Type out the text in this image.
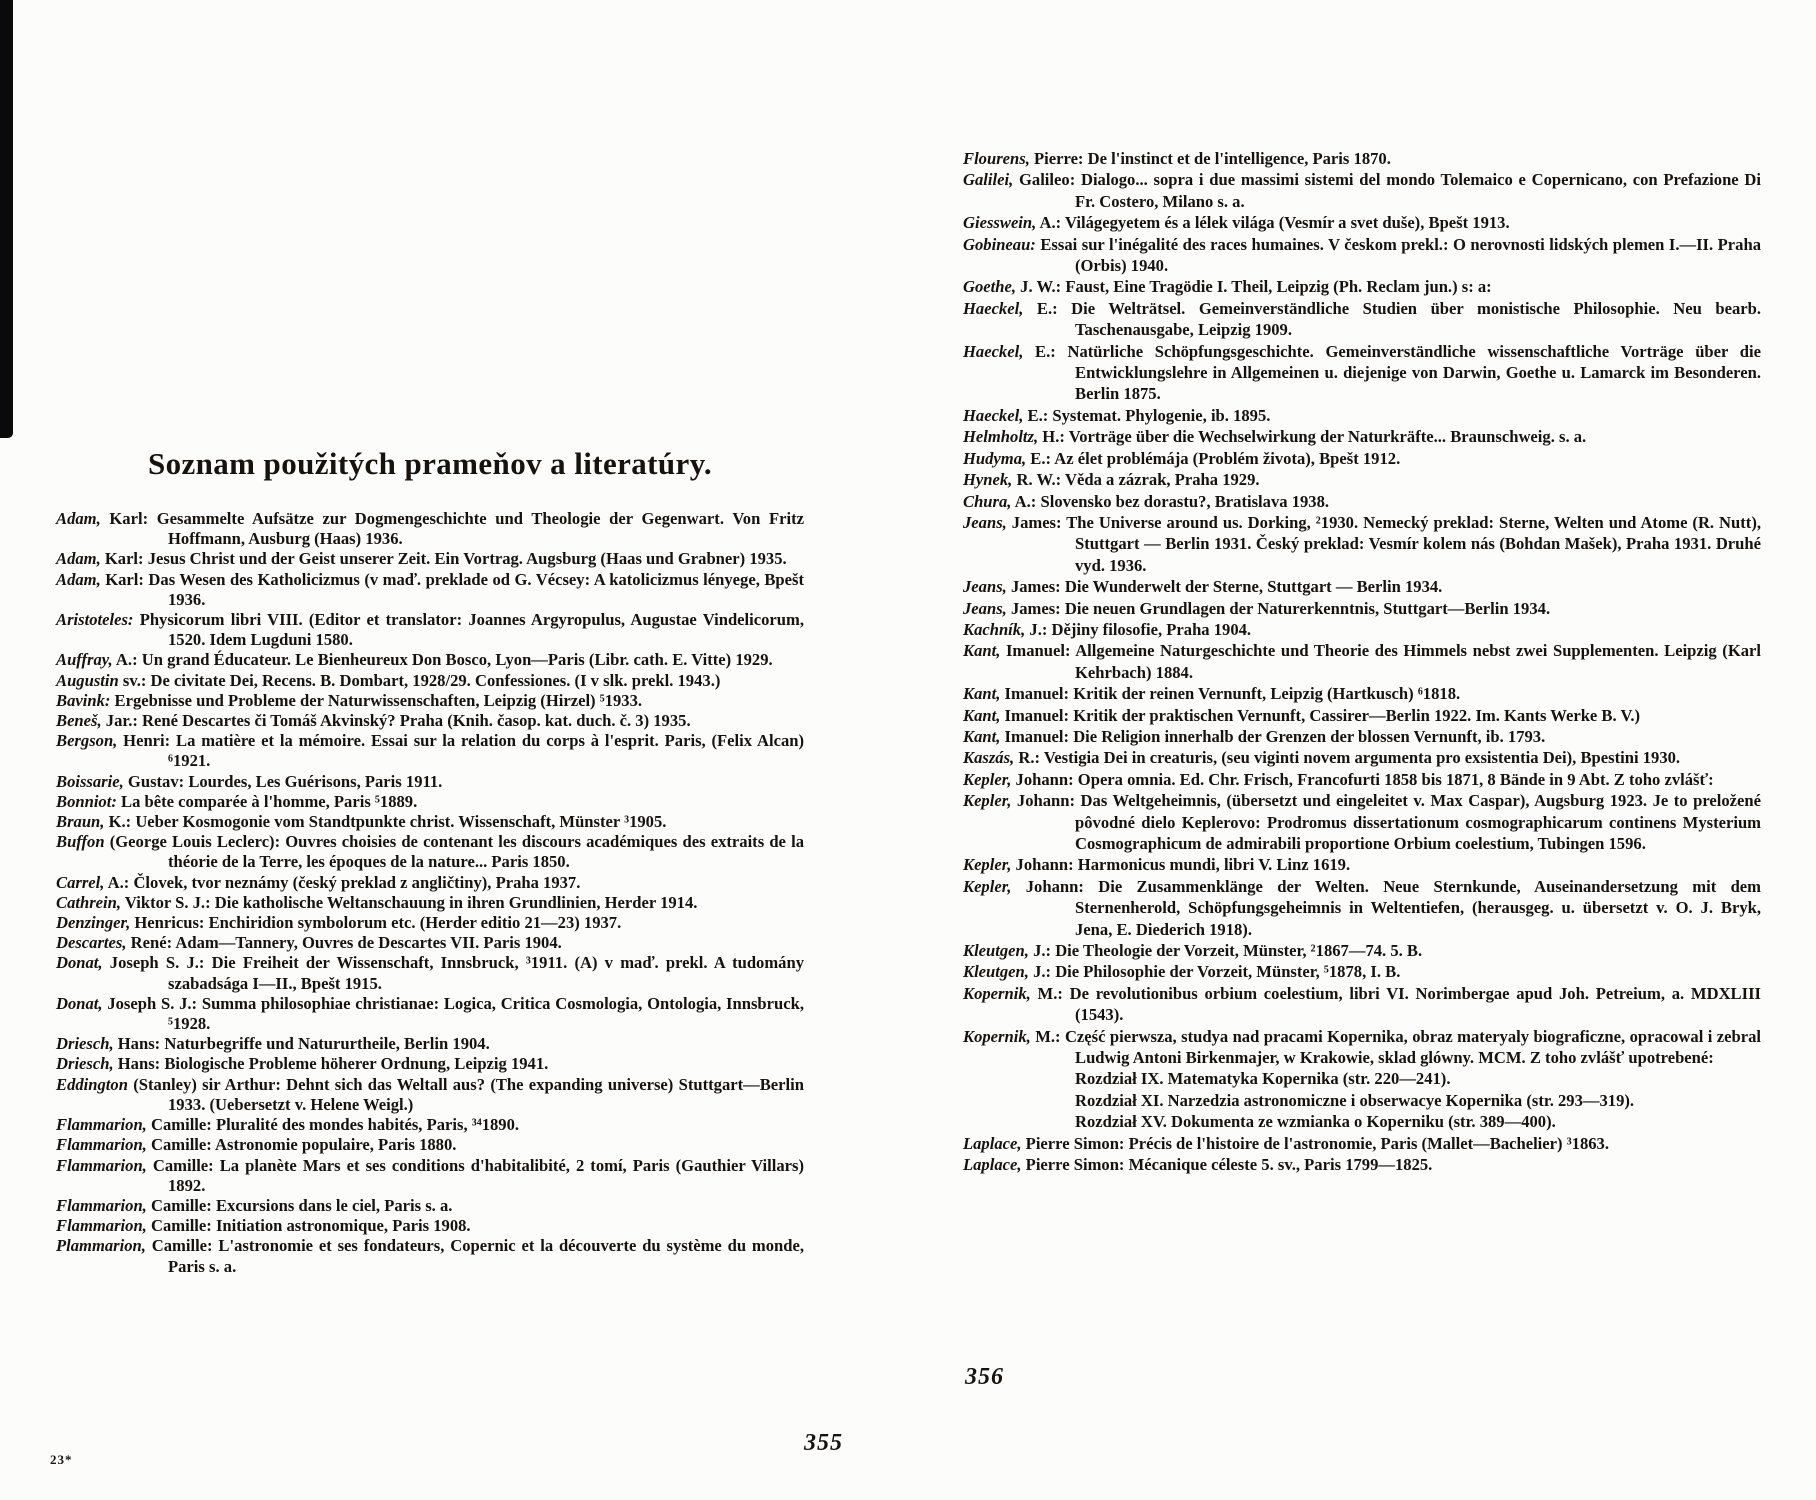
Soznam použitých prameňov a literatúry.

Adam, Karl: Gesammelte Aufsätze zur Dogmengeschichte und Theologie der Gegenwart. Von Fritz Hoffmann, Ausburg (Haas) 1936.

Adam, Karl: Jesus Christ und der Geist unserer Zeit. Ein Vortrag. Augsburg (Haas und Grabner) 1935.

Adam, Karl: Das Wesen des Katholicizmus (v maď. preklade od G. Vécsey: A katolicizmus lényege, Bpešt 1936.

Aristoteles: Physicorum libri VIII. (Editor et translator: Joannes Argyropulus, Augustae Vindelicorum, 1520. Idem Lugduni 1580.

Auffray, A.: Un grand Éducateur. Le Bienheureux Don Bosco, Lyon—Paris (Libr. cath. E. Vitte) 1929.

Augustin sv.: De civitate Dei, Recens. B. Dombart, 1928/29. Confessiones. (I v slk. prekl. 1943.)

Bavink: Ergebnisse und Probleme der Naturwissenschaften, Leipzig (Hirzel) ⁵1933.

Beneš, Jar.: René Descartes či Tomáš Akvinský? Praha (Knih. časop. kat. duch. č. 3) 1935.

Bergson, Henri: La matière et la mémoire. Essai sur la relation du corps à l'esprit. Paris, (Felix Alcan) ⁶1921.

Boissarie, Gustav: Lourdes, Les Guérisons, Paris 1911.

Bonniot: La bête comparée à l'homme, Paris ⁵1889.

Braun, K.: Ueber Kosmogonie vom Standtpunkte christ. Wissenschaft, Münster ³1905.

Buffon (George Louis Leclerc): Ouvres choisies de contenant les discours académiques des extraits de la théorie de la Terre, les époques de la nature... Paris 1850.

Carrel, A.: Človek, tvor neznámy (český preklad z angličtiny), Praha 1937.

Cathrein, Viktor S. J.: Die katholische Weltanschauung in ihren Grundlinien, Herder 1914.

Denzinger, Henricus: Enchiridion symbolorum etc. (Herder editio 21—23) 1937.

Descartes, René: Adam—Tannery, Ouvres de Descartes VII. Paris 1904.

Donat, Joseph S. J.: Die Freiheit der Wissenschaft, Innsbruck, ³1911. (A) v maď. prekl. A tudomány szabadsága I—II., Bpešt 1915.

Donat, Joseph S. J.: Summa philosophiae christianae: Logica, Critica Cosmologia, Ontologia, Innsbruck, ⁵1928.

Driesch, Hans: Naturbegriffe und Natururtheile, Berlin 1904.

Driesch, Hans: Biologische Probleme höherer Ordnung, Leipzig 1941.

Eddington (Stanley) sir Arthur: Dehnt sich das Weltall aus? (The expanding universe) Stuttgart—Berlin 1933. (Uebersetzt v. Helene Weigl.)

Flammarion, Camille: Pluralité des mondes habités, Paris, ³⁴1890.

Flammarion, Camille: Astronomie populaire, Paris 1880.

Flammarion, Camille: La planète Mars et ses conditions d'habitalibité, 2 tomí, Paris (Gauthier Villars) 1892.

Flammarion, Camille: Excursions dans le ciel, Paris s. a.

Flammarion, Camille: Initiation astronomique, Paris 1908.

Plammarion, Camille: L'astronomie et ses fondateurs, Copernic et la découverte du système du monde, Paris s. a.

Flourens, Pierre: De l'instinct et de l'intelligence, Paris 1870.

Galilei, Galileo: Dialogo... sopra i due massimi sistemi del mondo Tolemaico e Copernicano, con Prefazione Di Fr. Costero, Milano s. a.

Giesswein, A.: Világegyetem és a lélek világa (Vesmír a svet duše), Bpešt 1913.

Gobineau: Essai sur l'inégalité des races humaines. V českom prekl.: O nerovnosti lidských plemen I.—II. Praha (Orbis) 1940.

Goethe, J. W.: Faust, Eine Tragödie I. Theil, Leipzig (Ph. Reclam jun.) s: a:

Haeckel, E.: Die Welträtsel. Gemeinverständliche Studien über monistische Philosophie. Neu bearb. Taschenausgabe, Leipzig 1909.

Haeckel, E.: Natürliche Schöpfungsgeschichte. Gemeinverständliche wissenschaftliche Vorträge über die Entwicklungslehre in Allgemeinen u. diejenige von Darwin, Goethe u. Lamarck im Besonderen. Berlin 1875.

Haeckel, E.: Systemat. Phylogenie, ib. 1895.

Helmholtz, H.: Vorträge über die Wechselwirkung der Naturkräfte... Braunschweig. s. a.

Hudyma, E.: Az élet problémája (Problém života), Bpešt 1912.

Hynek, R. W.: Věda a zázrak, Praha 1929.

Chura, A.: Slovensko bez dorastu?, Bratislava 1938.

Jeans, James: The Universe around us. Dorking, ²1930. Nemecký preklad: Sterne, Welten und Atome (R. Nutt), Stuttgart — Berlin 1931. Český preklad: Vesmír kolem nás (Bohdan Mašek), Praha 1931. Druhé vyd. 1936.

Jeans, James: Die Wunderwelt der Sterne, Stuttgart — Berlin 1934.

Jeans, James: Die neuen Grundlagen der Naturerkenntnis, Stuttgart—Berlin 1934.

Kachník, J.: Dějiny filosofie, Praha 1904.

Kant, Imanuel: Allgemeine Naturgeschichte und Theorie des Himmels nebst zwei Supplementen. Leipzig (Karl Kehrbach) 1884.

Kant, Imanuel: Kritik der reinen Vernunft, Leipzig (Hartkusch) ⁶1818.

Kant, Imanuel: Kritik der praktischen Vernunft, Cassirer—Berlin 1922. Im. Kants Werke B. V.)

Kant, Imanuel: Die Religion innerhalb der Grenzen der blossen Vernunft, ib. 1793.

Kaszás, R.: Vestigia Dei in creaturis, (seu viginti novem argumenta pro exsistentia Dei), Bpestini 1930.

Kepler, Johann: Opera omnia. Ed. Chr. Frisch, Francofurti 1858 bis 1871, 8 Bände in 9 Abt. Z toho zvlášť:

Kepler, Johann: Das Weltgeheimnis, (übersetzt und eingeleitet v. Max Caspar), Augsburg 1923. Je to preložené pôvodné dielo Keplerovo: Prodromus dissertationum cosmographicarum continens Mysterium Cosmographicum de admirabili proportione Orbium coelestium, Tubingen 1596.

Kepler, Johann: Harmonicus mundi, libri V. Linz 1619.

Kepler, Johann: Die Zusammenklänge der Welten. Neue Sternkunde, Auseinandersetzung mit dem Sternenherold, Schöpfungsgeheimnis in Weltentiefen, (herausgeg. u. übersetzt v. O. J. Bryk, Jena, E. Diederich 1918).

Kleutgen, J.: Die Theologie der Vorzeit, Münster, ²1867—74. 5. B.

Kleutgen, J.: Die Philosophie der Vorzeit, Münster, ⁵1878, I. B.

Kopernik, M.: De revolutionibus orbium coelestium, libri VI. Norimbergae apud Joh. Petreium, a. MDXLIII (1543).

Kopernik, M.: Część pierwsza, studya nad pracami Kopernika, obraz materyaly biograficzne, opracowal i zebral Ludwig Antoni Birkenmajer, w Krakowie, sklad glówny. MCM. Z toho zvlášť upotrebené:

Rozdział IX. Matematyka Kopernika (str. 220—241).

Rozdział XI. Narzedzia astronomiczne i obserwacye Kopernika (str. 293—319).

Rozdział XV. Dokumenta ze wzmianka o Koperniku (str. 389—400).

Laplace, Pierre Simon: Précis de l'histoire de l'astronomie, Paris (Mallet—Bachelier) ³1863.

Laplace, Pierre Simon: Mécanique céleste 5. sv., Paris 1799—1825.

23*
355
356
